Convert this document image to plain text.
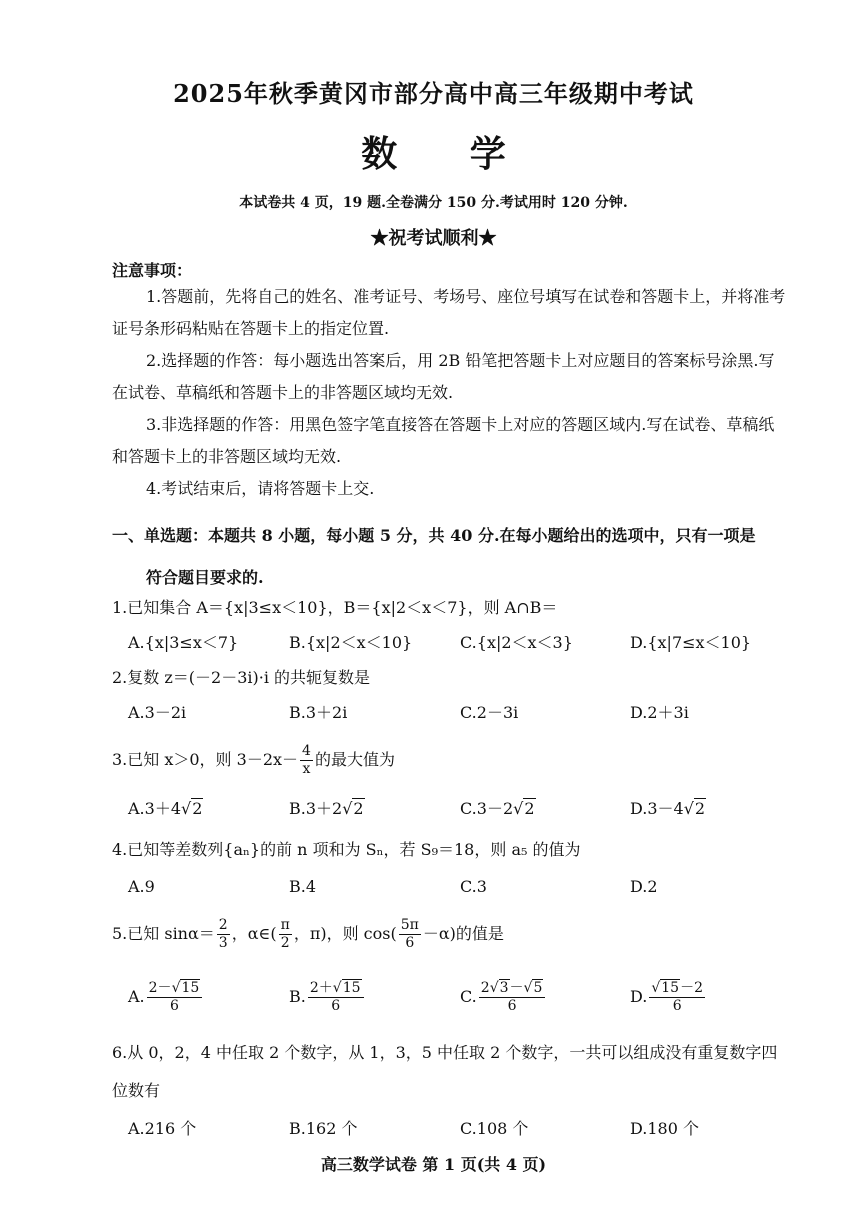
2025年秋季黄冈市部分高中高三年级期中考试
数 学
本试卷共 4 页，19 题.全卷满分 150 分.考试用时 120 分钟.
★祝考试顺利★
注意事项：

1.答题前，先将自己的姓名、准考证号、考场号、座位号填写在试卷和答题卡上，并将准考证号条形码粘贴在答题卡上的指定位置.

2.选择题的作答：每小题选出答案后，用 2B 铅笔把答题卡上对应题目的答案标号涂黑.写在试卷、草稿纸和答题卡上的非答题区域均无效.

3.非选择题的作答：用黑色签字笔直接答在答题卡上对应的答题区域内.写在试卷、草稿纸和答题卡上的非答题区域均无效.

4.考试结束后，请将答题卡上交.

一、单选题：本题共 8 小题，每小题 5 分，共 40 分.在每小题给出的选项中，只有一项是
符合题目要求的.
1.已知集合 A＝{x|3≤x＜10}，B＝{x|2＜x＜7}，则 A∩B＝
A.{x|3≤x＜7}	B.{x|2＜x＜10}	C.{x|2＜x＜3}	D.{x|7≤x＜10}
2.复数 z＝(－2－3i)·i 的共轭复数是
A.3－2i	B.3＋2i	C.2－3i	D.2＋3i
3.已知 x＞0，则 $3-2x- \frac{4}{x}$ 的最大值为
A.3＋4√2	B.3＋2√2	C.3－2√2	D.3－4√2
4.已知等差数列{aₙ}的前 n 项和为 Sₙ，若 S₉＝18，则 a₅ 的值为
A.9	B.4	C.3	D.2
5.已知 $\sin\alpha= \frac{2}{3}$ ，α∈( $\frac{\pi}{2}$ ，π)，则 $\cos( \frac{5\pi}{6} -\alpha)$的值是
A. $\frac{2-√15}{6}$	B. $\frac{2+√15}{6}$	C. $\frac{2√3-√5}{6}$	D. $\frac{√15-2}{6}$
6.从 0，2，4 中任取 2 个数字，从 1，3，5 中任取 2 个数字，一共可以组成没有重复数字四
位数有
A.216 个	B.162 个	C.108 个	D.180 个
高三数学试卷 第 1 页(共 4 页)
